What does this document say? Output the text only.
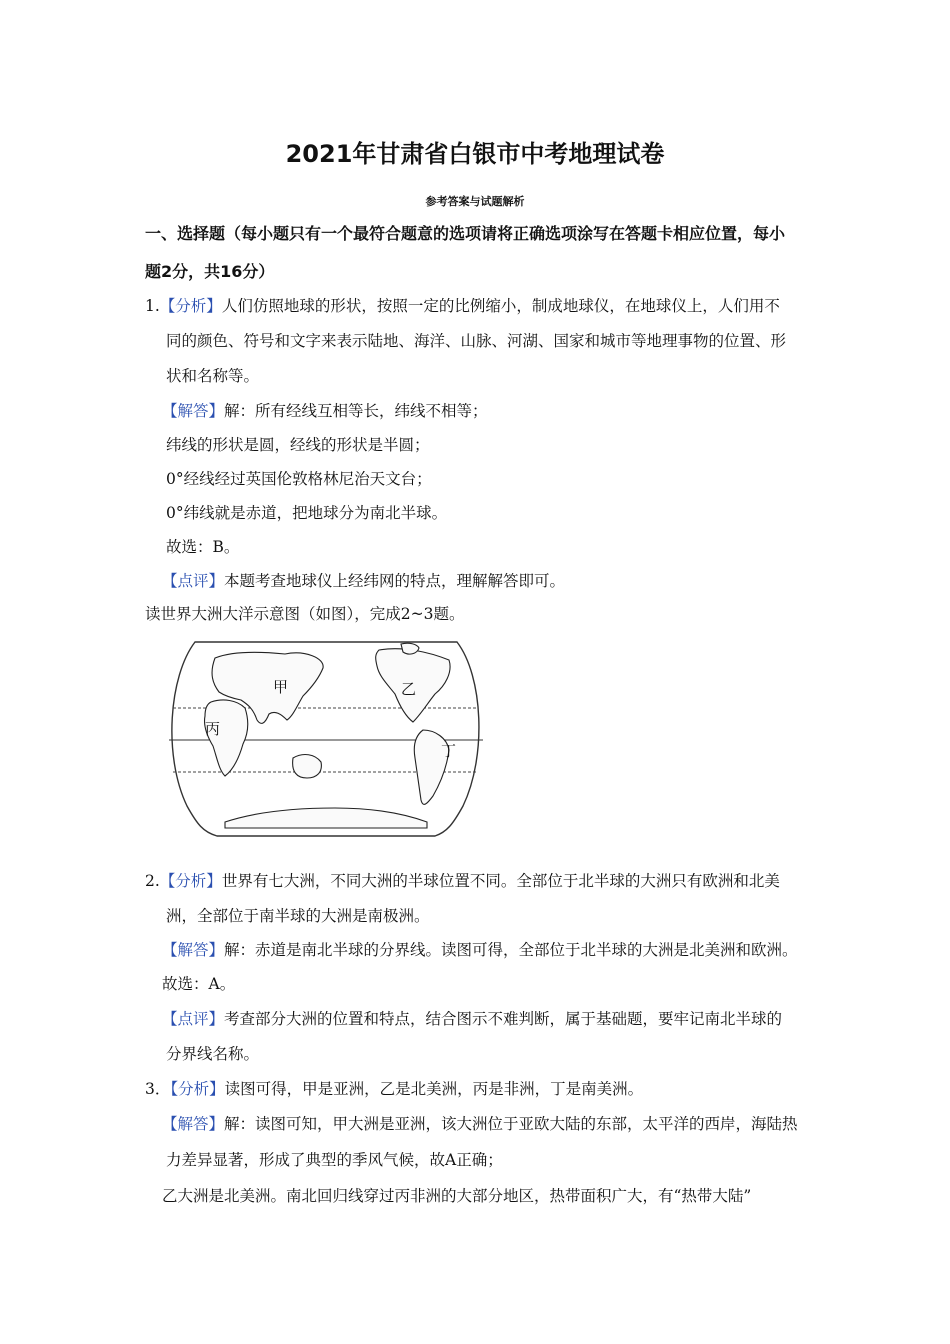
2021年甘肃省白银市中考地理试卷
参考答案与试题解析
一、选择题（每小题只有一个最符合题意的选项请将正确选项涂写在答题卡相应位置，每小
题2分，共16分）
1.【分析】人们仿照地球的形状，按照一定的比例缩小，制成地球仪，在地球仪上，人们用不
同的颜色、符号和文字来表示陆地、海洋、山脉、河湖、国家和城市等地理事物的位置、形
状和名称等。
【解答】解：所有经线互相等长，纬线不相等；
纬线的形状是圆，经线的形状是半圆；
0°经线经过英国伦敦格林尼治天文台；
0°纬线就是赤道，把地球分为南北半球。
故选：B。
【点评】本题考查地球仪上经纬网的特点，理解解答即可。
读世界大洲大洋示意图（如图），完成2~3题。
甲	乙
丙
丁
2.【分析】世界有七大洲，不同大洲的半球位置不同。全部位于北半球的大洲只有欧洲和北美
洲，全部位于南半球的大洲是南极洲。
【解答】解：赤道是南北半球的分界线。读图可得，全部位于北半球的大洲是北美洲和欧洲。
故选：A。
【点评】考查部分大洲的位置和特点，结合图示不难判断，属于基础题，要牢记南北半球的
分界线名称。
3．【分析】读图可得，甲是亚洲，乙是北美洲，丙是非洲，丁是南美洲。
【解答】解：读图可知，甲大洲是亚洲，该大洲位于亚欧大陆的东部，太平洋的西岸，海陆热
力差异显著，形成了典型的季风气候，故A正确；
乙大洲是北美洲。南北回归线穿过丙非洲的大部分地区，热带面积广大，有“热带大陆”
